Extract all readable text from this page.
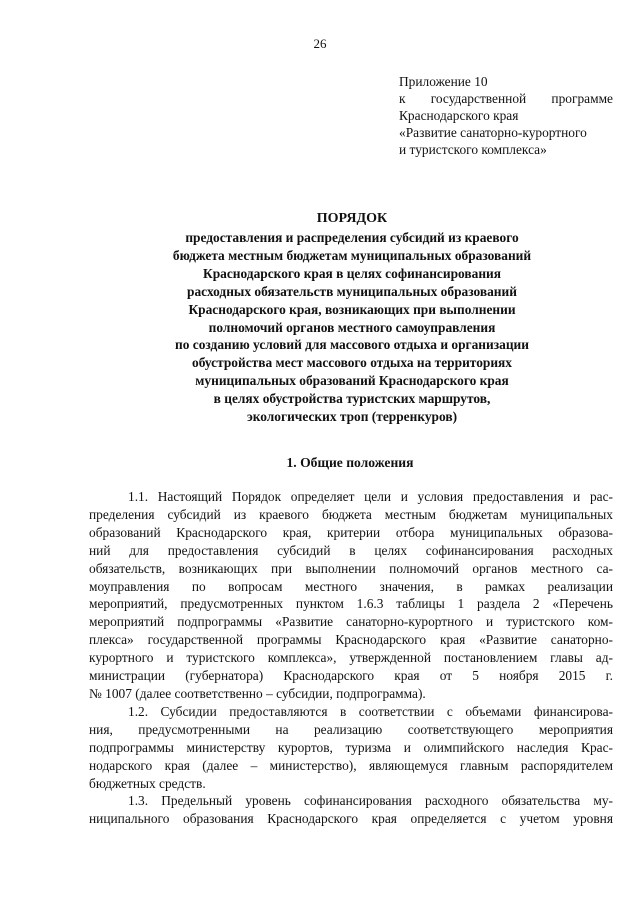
26
Приложение 10
к государственной программе
Краснодарского края
«Развитие санаторно-курортного
и туристского комплекса»
ПОРЯДОК
предоставления и распределения субсидий из краевого
бюджета местным бюджетам муниципальных образований
Краснодарского края в целях софинансирования
расходных обязательств муниципальных образований
Краснодарского края, возникающих при выполнении
полномочий органов местного самоуправления
по созданию условий для массового отдыха и организации
обустройства мест массового отдыха на территориях
муниципальных образований Краснодарского края
в целях обустройства туристских маршрутов,
экологических троп (терренкуров)
1. Общие положения
1.1. Настоящий Порядок определяет цели и условия предоставления и рас-
пределения субсидий из краевого бюджета местным бюджетам муниципальных
образований Краснодарского края, критерии отбора муниципальных образова-
ний для предоставления субсидий в целях софинансирования расходных
обязательств, возникающих при выполнении полномочий органов местного са-
моуправления по вопросам местного значения, в рамках реализации
мероприятий, предусмотренных пунктом 1.6.3 таблицы 1 раздела 2 «Перечень
мероприятий подпрограммы «Развитие санаторно-курортного и туристского ком-
плекса» государственной программы Краснодарского края «Развитие санаторно-
курортного и туристского комплекса», утвержденной постановлением главы ад-
министрации (губернатора) Краснодарского края от 5 ноября 2015 г.
№ 1007 (далее соответственно – субсидии, подпрограмма).
1.2. Субсидии предоставляются в соответствии с объемами финансирова-
ния, предусмотренными на реализацию соответствующего мероприятия
подпрограммы министерству курортов, туризма и олимпийского наследия Крас-
нодарского края (далее – министерство), являющемуся главным распорядителем
бюджетных средств.
1.3. Предельный уровень софинансирования расходного обязательства му-
ниципального образования Краснодарского края определяется с учетом уровня
